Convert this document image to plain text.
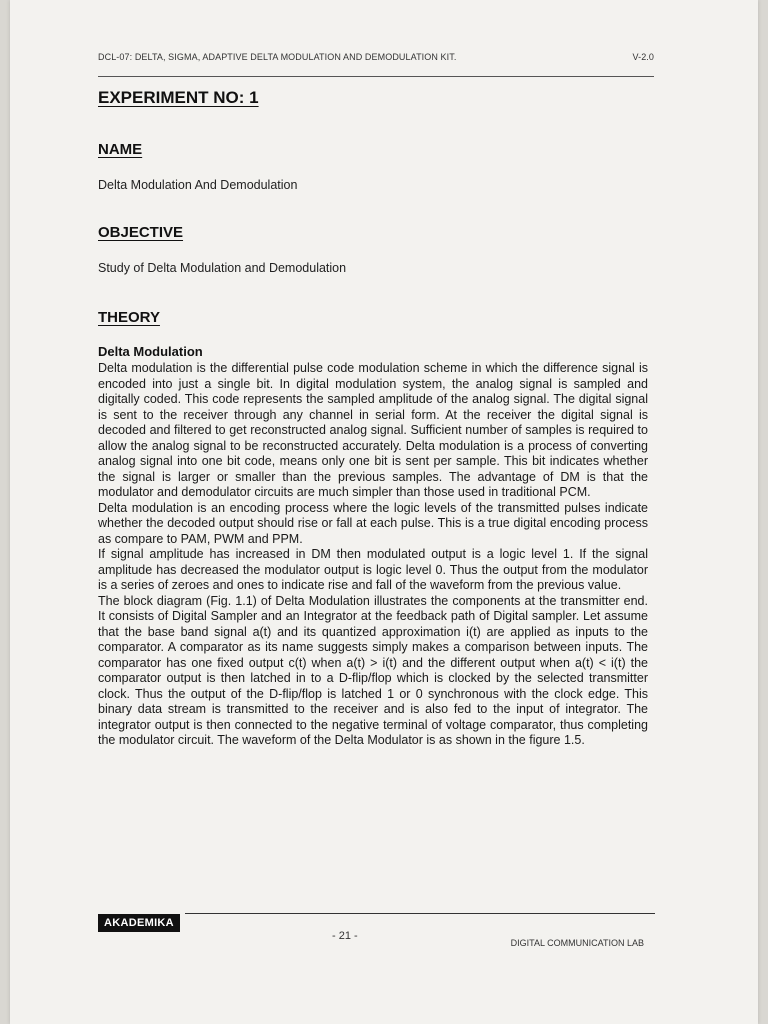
DCL-07: DELTA, SIGMA, ADAPTIVE DELTA MODULATION AND DEMODULATION KIT.	V-2.0
EXPERIMENT NO: 1
NAME
Delta Modulation And Demodulation
OBJECTIVE
Study of Delta Modulation and Demodulation
THEORY
Delta Modulation

Delta modulation is the differential pulse code modulation scheme in which the difference signal is encoded into just a single bit. In digital modulation system, the analog signal is sampled and digitally coded. This code represents the sampled amplitude of the analog signal. The digital signal is sent to the receiver through any channel in serial form. At the receiver the digital signal is decoded and filtered to get reconstructed analog signal. Sufficient number of samples is required to allow the analog signal to be reconstructed accurately. Delta modulation is a process of converting analog signal into one bit code, means only one bit is sent per sample. This bit indicates whether the signal is larger or smaller than the previous samples. The advantage of DM is that the modulator and demodulator circuits are much simpler than those used in traditional PCM.

Delta modulation is an encoding process where the logic levels of the transmitted pulses indicate whether the decoded output should rise or fall at each pulse. This is a true digital encoding process as compare to PAM, PWM and PPM.

If signal amplitude has increased in DM then modulated output is a logic level 1. If the signal amplitude has decreased the modulator output is logic level 0. Thus the output from the modulator is a series of zeroes and ones to indicate rise and fall of the waveform from the previous value.

The block diagram (Fig. 1.1) of Delta Modulation illustrates the components at the transmitter end. It consists of Digital Sampler and an Integrator at the feedback path of Digital sampler. Let assume that the base band signal a(t) and its quantized approximation i(t) are applied as inputs to the comparator. A comparator as its name suggests simply makes a comparison between inputs. The comparator has one fixed output c(t) when a(t) > i(t) and the different output when a(t) < i(t) the comparator output is then latched in to a D-flip/flop which is clocked by the selected transmitter clock. Thus the output of the D-flip/flop is latched 1 or 0 synchronous with the clock edge. This binary data stream is transmitted to the receiver and is also fed to the input of integrator. The integrator output is then connected to the negative terminal of voltage comparator, thus completing the modulator circuit. The waveform of the Delta Modulator is as shown in the figure 1.5.

AKADEMIKA
- 21 -
DIGITAL COMMUNICATION LAB
